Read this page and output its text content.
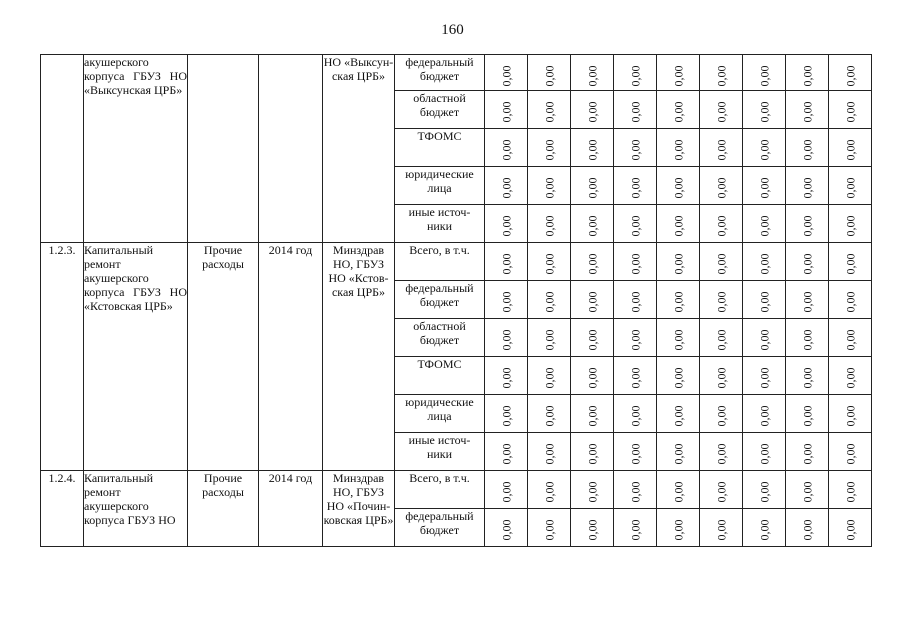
160
	акушерского корпуса ГБУЗ НО «Выксунская ЦРБ»			НО «Выксун- ская ЦРБ»	федеральный бюджет	0,00	0,00	0,00	0,00	0,00	0,00	0,00	0,00	0,00
					областной бюджет	0,00	0,00	0,00	0,00	0,00	0,00	0,00	0,00	0,00
					ТФОМС	0,00	0,00	0,00	0,00	0,00	0,00	0,00	0,00	0,00
					юридические лица	0,00	0,00	0,00	0,00	0,00	0,00	0,00	0,00	0,00
					иные источ- ники	0,00	0,00	0,00	0,00	0,00	0,00	0,00	0,00	0,00
1.2.3.	Капитальный ремонт акушерского корпуса ГБУЗ НО «Кстовская ЦРБ»	Прочие расходы	2014 год	Минздрав НО, ГБУЗ НО «Кстов- ская ЦРБ»	Всего, в т.ч.	0,00	0,00	0,00	0,00	0,00	0,00	0,00	0,00	0,00
					федеральный бюджет	0,00	0,00	0,00	0,00	0,00	0,00	0,00	0,00	0,00
					областной бюджет	0,00	0,00	0,00	0,00	0,00	0,00	0,00	0,00	0,00
					ТФОМС	0,00	0,00	0,00	0,00	0,00	0,00	0,00	0,00	0,00
					юридические лица	0,00	0,00	0,00	0,00	0,00	0,00	0,00	0,00	0,00
					иные источ- ники	0,00	0,00	0,00	0,00	0,00	0,00	0,00	0,00	0,00
1.2.4.	Капитальный ремонт акушерского корпуса ГБУЗ НО	Прочие расходы	2014 год	Минздрав НО, ГБУЗ НО «Почин- ковская ЦРБ»	Всего, в т.ч.	0,00	0,00	0,00	0,00	0,00	0,00	0,00	0,00	0,00
					федеральный бюджет	0,00	0,00	0,00	0,00	0,00	0,00	0,00	0,00	0,00
